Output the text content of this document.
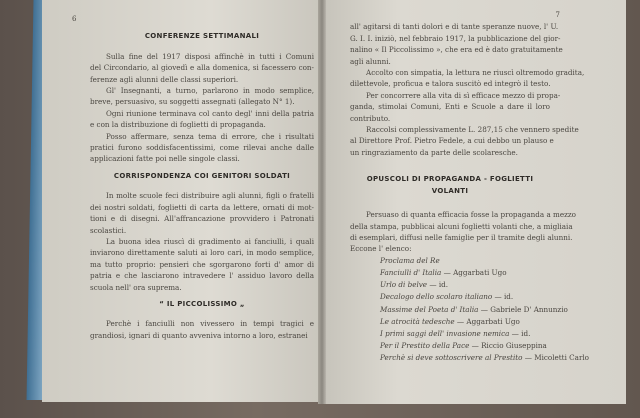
6
CONFERENZE SETTIMANALI
Sulla fine del 1917 disposi affinchè in tutti i Comuni
del Circondario, al giovedì e alla domenica, si facessero con-
ferenze agli alunni delle classi superiori.
Gl' Insegnanti, a turno, parlarono in modo semplice,
breve, persuasivo, su soggetti assegnati (allegato N° 1).
Ogni riunione terminava col canto degl' inni della patria
e con la distribuzione di foglietti di propaganda.
Posso affermare, senza tema di errore, che i risultati
pratici furono soddisfacentissimi, come rilevai anche dalle
applicazioni fatte poi nelle singole classi.
CORRISPONDENZA COI GENITORI SOLDATI
In molte scuole feci distribuire agli alunni, figli o fratelli
dei nostri soldati, foglietti di carta da lettere, ornati di mot-
tioni e di disegni. All'affrancazione provvidero i Patronati
scolastici.
La buona idea riuscì di gradimento ai fanciulli, i quali
inviarono direttamente saluti ai loro cari, in modo semplice,
ma tutto proprio: pensieri che sgorgarono forti d' amor di
patria e che lasciarono intravedere l' assiduo lavoro della
scuola nell' ora suprema.
“ IL PICCOLISSIMO „
Perchè i fanciulli non vivessero in tempi tragici e
grandiosi, ignari di quanto avveniva intorno a loro, estranei
7
all' agitarsi di tanti dolori e di tante speranze nuove, l' U.
G. I. I. iniziò, nel febbraio 1917, la pubblicazione del gior-
nalino « Il Piccolissimo », che era ed è dato gratuitamente
agli alunni.
Accolto con simpatia, la lettura ne riuscì oltremodo gradita,
dilettevole, proficua e talora suscitò ed integrò il testo.
Per concorrere alla vita di sì efficace mezzo di propa-
ganda, stimolai Comuni, Enti e Scuole a dare il loro
contributo.
Raccolsi complessivamente L. 287,15 che vennero spedite
al Direttore Prof. Pietro Fedele, a cui debbo un plauso e
un ringraziamento da parte delle scolaresche.
OPUSCOLI DI PROPAGANDA - FOGLIETTI VOLANTI
Persuaso di quanta efficacia fosse la propaganda a mezzo
della stampa, pubblicai alcuni foglietti volanti che, a migliaia
di esemplari, diffusi nelle famiglie per il tramite degli alunni.
Eccone l' elenco:
Proclama del Re
Fanciulli d' Italia — Aggarbati Ugo
Urlo di belve — id.
Decalogo dello scolaro italiano — id.
Massime del Poeta d' Italia — Gabriele D' Annunzio
Le atrocità tedesche — Aggarbati Ugo
I primi saggi dell' invasione nemica — id.
Per il Prestito della Pace — Riccio Giuseppina
Perchè si deve sottoscrivere al Prestito — Micoletti Carlo
